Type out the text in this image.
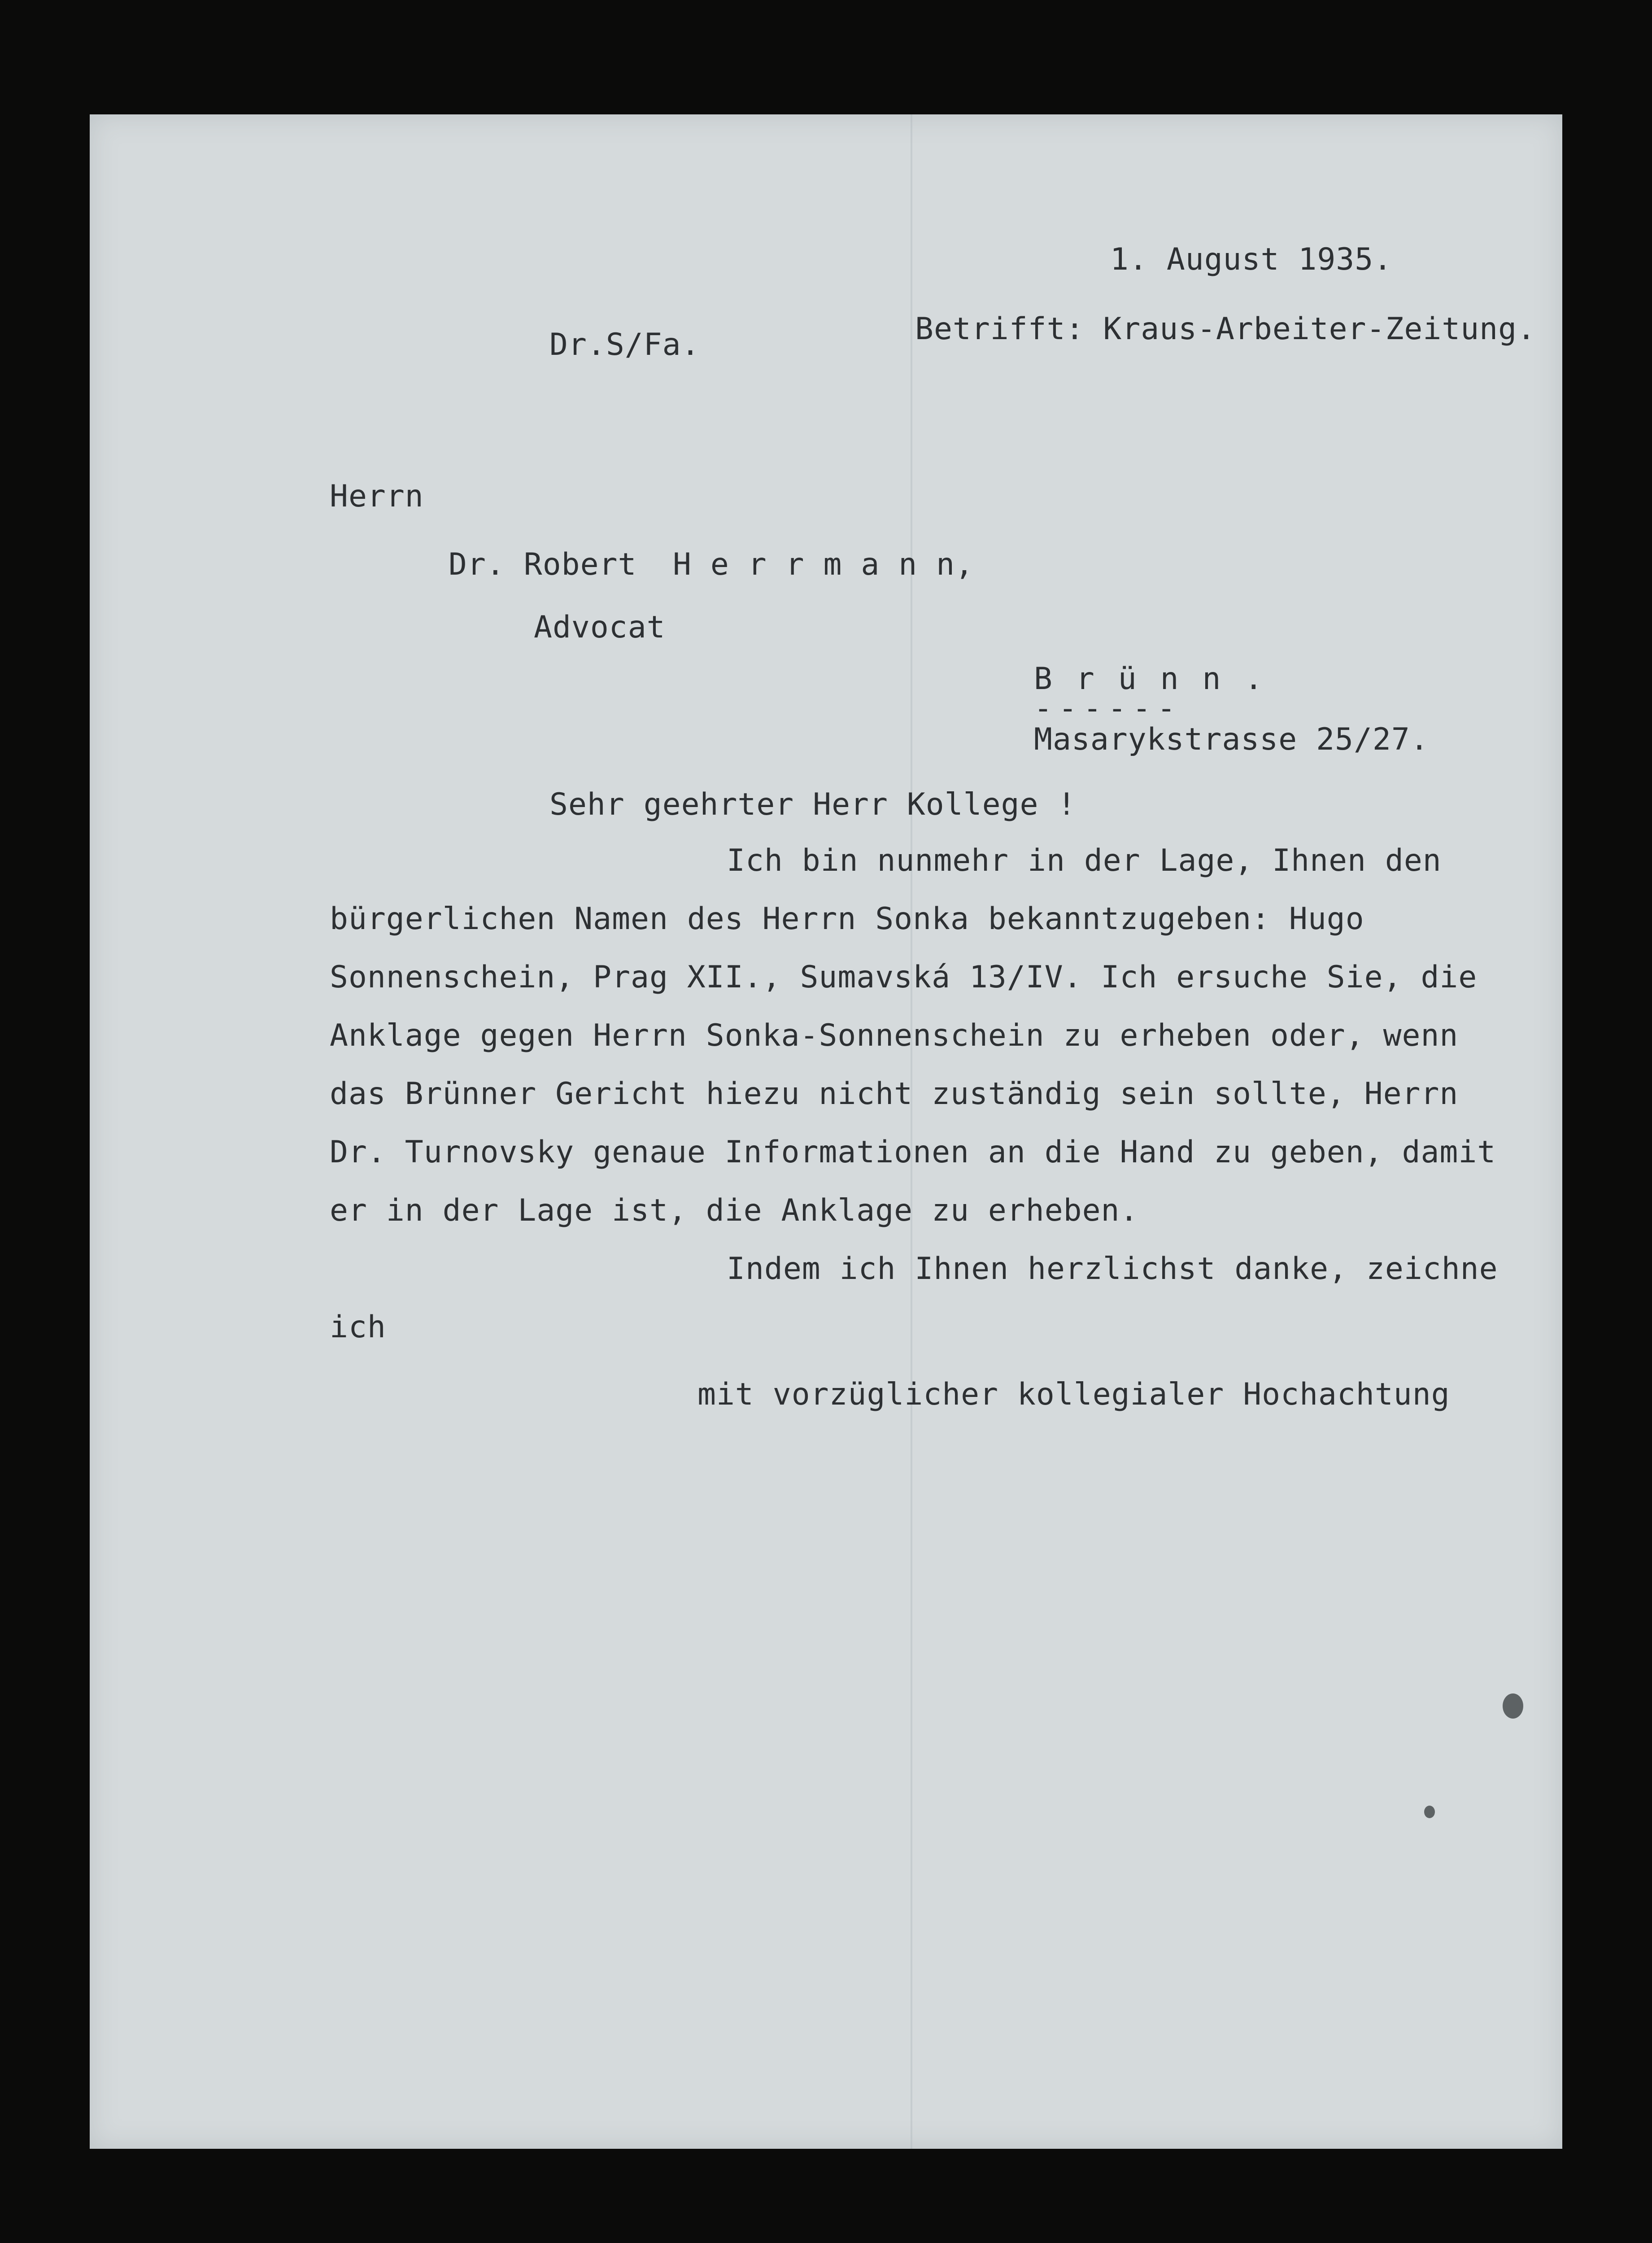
1. August 1935.
Betrifft: Kraus-Arbeiter-Zeitung.
Dr.S/Fa.
Herrn
Dr. Robert H e r r m a n n,
Advocat
B r ü n n .
------
Masarykstrasse 25/27.
Sehr geehrter Herr Kollege !
Ich bin nunmehr in der Lage, Ihnen den
bürgerlichen Namen des Herrn Sonka bekanntzugeben: Hugo
Sonnenschein, Prag XII., Sumavská 13/IV. Ich ersuche Sie, die
Anklage gegen Herrn Sonka-Sonnenschein zu erheben oder, wenn
das Brünner Gericht hiezu nicht zuständig sein sollte, Herrn
Dr. Turnovsky genaue Informationen an die Hand zu geben, damit
er in der Lage ist, die Anklage zu erheben.
Indem ich Ihnen herzlichst danke, zeichne
ich
mit vorzüglicher kollegialer Hochachtung
